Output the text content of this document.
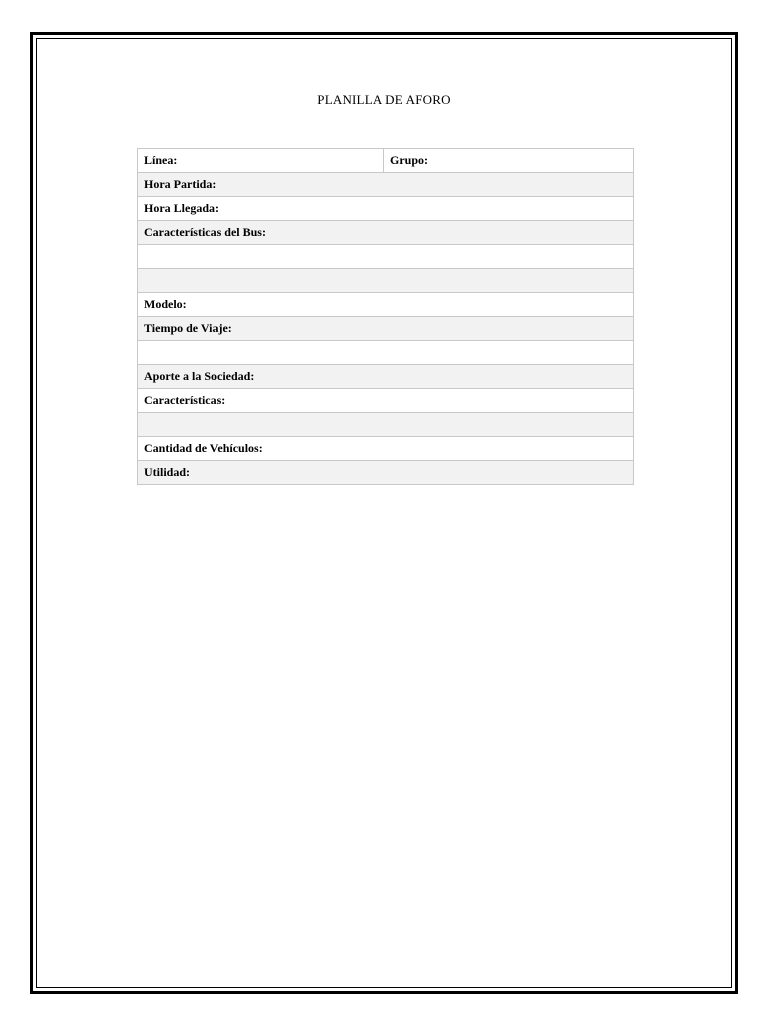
PLANILLA DE AFORO
Línea:	Grupo:
Hora Partida:
Hora Llegada:
Características del Bus:

Modelo:
Tiempo de Viaje:

Aporte a la Sociedad:
Características:

Cantidad de Vehículos:
Utilidad:
